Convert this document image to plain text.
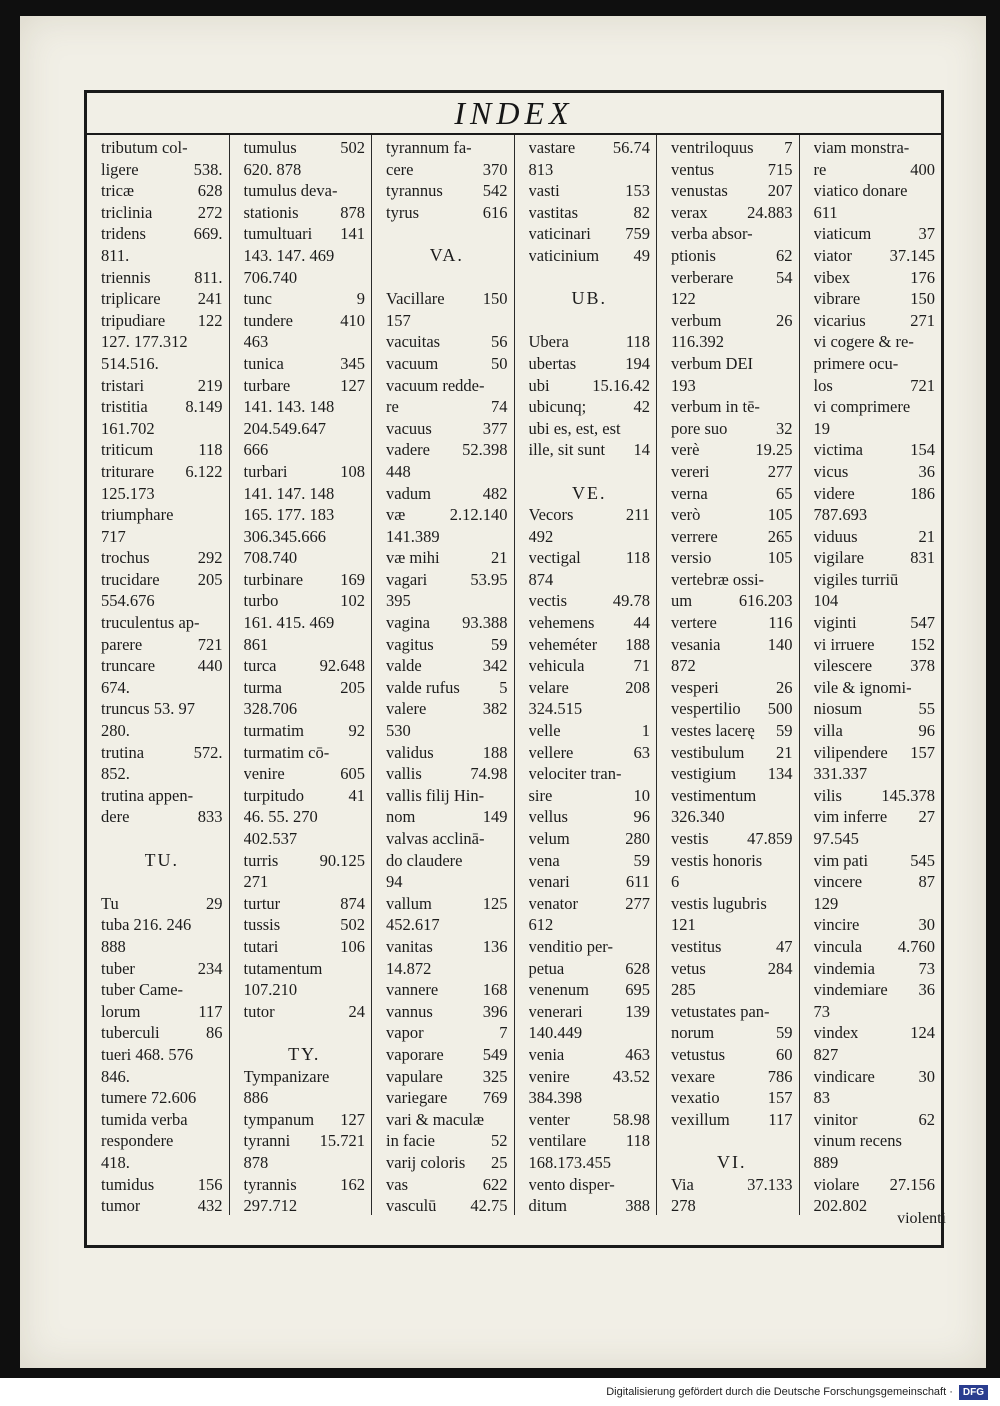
INDEX
tributum col-
ligere	538.
tricæ	628
triclinia	272
tridens	669.
811.
triennis	811.
triplicare 241
tripudiare 122
127. 177.312
514.516.
tristari	219
tristitia 8.149
161.702
triticum	118
triturare 6.122
125.173
triumphare
717
trochus	292
trucidare 205
554.676
truculentus ap-
parere	721
truncare	440
674.
truncus 53. 97
280.
trutina	572.
852.
trutina appen-
dere	833
TU.
Tu	29
tuba 216. 246
888
tuber	234
tuber Came-
lorum	117
tuberculi	86
tueri 468. 576
846.
tumere 72.606
tumida verba
respondere
418.
tumidus	156
tumor	432
tumulus	502
620. 878
tumulus deva-
stationis	878
tumultuari 141
143. 147. 469
706.740
tunc	9
tundere	410
463
tunica	345
turbare	127
141. 143. 148
204.549.647
666
turbari	108
141. 147. 148
165. 177. 183
306.345.666
708.740
turbinare 169
turbo	102
161. 415. 469
861
turca	92.648
turma	205
328.706
turmatim	92
turmatim cō-
venire	605
turpitudo	41
46. 55. 270
402.537
turris	90.125
271
turtur	874
tussis	502
tutari	106
tutamentum
107.210
tutor	24
TY.
Tympanizare
886
tympanum 127
tyranni 15.721
878
tyrannis	162
297.712
tyrannum fa-
cere	370
tyrannus 542
tyrus	616
VA.
Vacillare 150
157
vacuitas	56
vacuum	50
vacuum redde-
re	74
vacuus	377
vadere 52.398
448
vadum	482
væ	2.12.140
141.389
væ mihi	21
vagari	53.95
395
vagina 93.388
vagitus	59
valde	342
valde rufus 5
valere	382
530
validus	188
vallis	74.98
vallis filij Hin-
nom	149
valvas acclinā-
do claudere
94
vallum	125
452.617
vanitas	136
14.872
vannere	168
vannus	396
vapor	7
vaporare 549
vapulare 325
variegare 769
vari & maculæ
in facie	52
varij coloris 25
vas	622
vasculū 42.75
vastare 56.74
813
vasti	153
vastitas	82
vaticinari 759
vaticinium 49
UB.
Ubera	118
ubertas	194
ubi	15.16.42
ubicunq;	42
ubi es, est, est
ille, sit sunt 14
VE.
Vecors	211
492
vectigal	118
874
vectis	49.78
vehemens 44
veheméter 188
vehicula	71
velare	208
324.515
velle	1
vellere	63
velociter tran-
sire	10
vellus	96
velum	280
vena	59
venari	611
venator	277
612
venditio per-
petua	628
venenum 695
venerari	139
140.449
venia	463
venire	43.52
384.398
venter	58.98
ventilare 118
168.173.455
vento disper-
ditum	388
ventriloquus 7
ventus	715
venustas 207
verax 24.883
verba absor-
ptionis	62
verberare	54
122
verbum	26
116.392
verbum DEI
193
verbum in tē-
pore suo	32
verè	19.25
vereri	277
verna	65
verò	105
verrere	265
versio	105
vertebræ ossi-
um	616.203
vertere	116
vesania	140
872
vesperi	26
vespertilio 500
vestes lacerę 59
vestibulum 21
vestigium 134
vestimentum
326.340
vestis 47.859
vestis honoris
6
vestis lugubris
121
vestitus	47
vetus	284
285
vetustates pan-
norum	59
vetustus	60
vexare	786
vexatio	157
vexillum 117
VI.
Via	37.133
278
viam monstra-
re	400
viatico donare
611
viaticum	37
viator 37.145
vibex	176
vibrare	150
vicarius	271
vi cogere & re-
primere ocu-
los	721
vi comprimere
19
victima	154
vicus	36
videre	186
787.693
viduus	21
vigilare	831
vigiles turriū
104
viginti	547
vi irruere 152
vilescere 378
vile & ignomi-
niosum	55
villa	96
vilipendere 157
331.337
vilis 145.378
vim inferre 27
97.545
vim pati	545
vincere	87
129
vincire	30
vincula 4.760
vindemia	73
vindemiare 36
73
vindex	124
827
vindicare	30
83
vinitor	62
vinum recens
889
violare 27.156
202.802
violenti
Digitalisierung gefördert durch die Deutsche Forschungsgemeinschaft ·	DFG
